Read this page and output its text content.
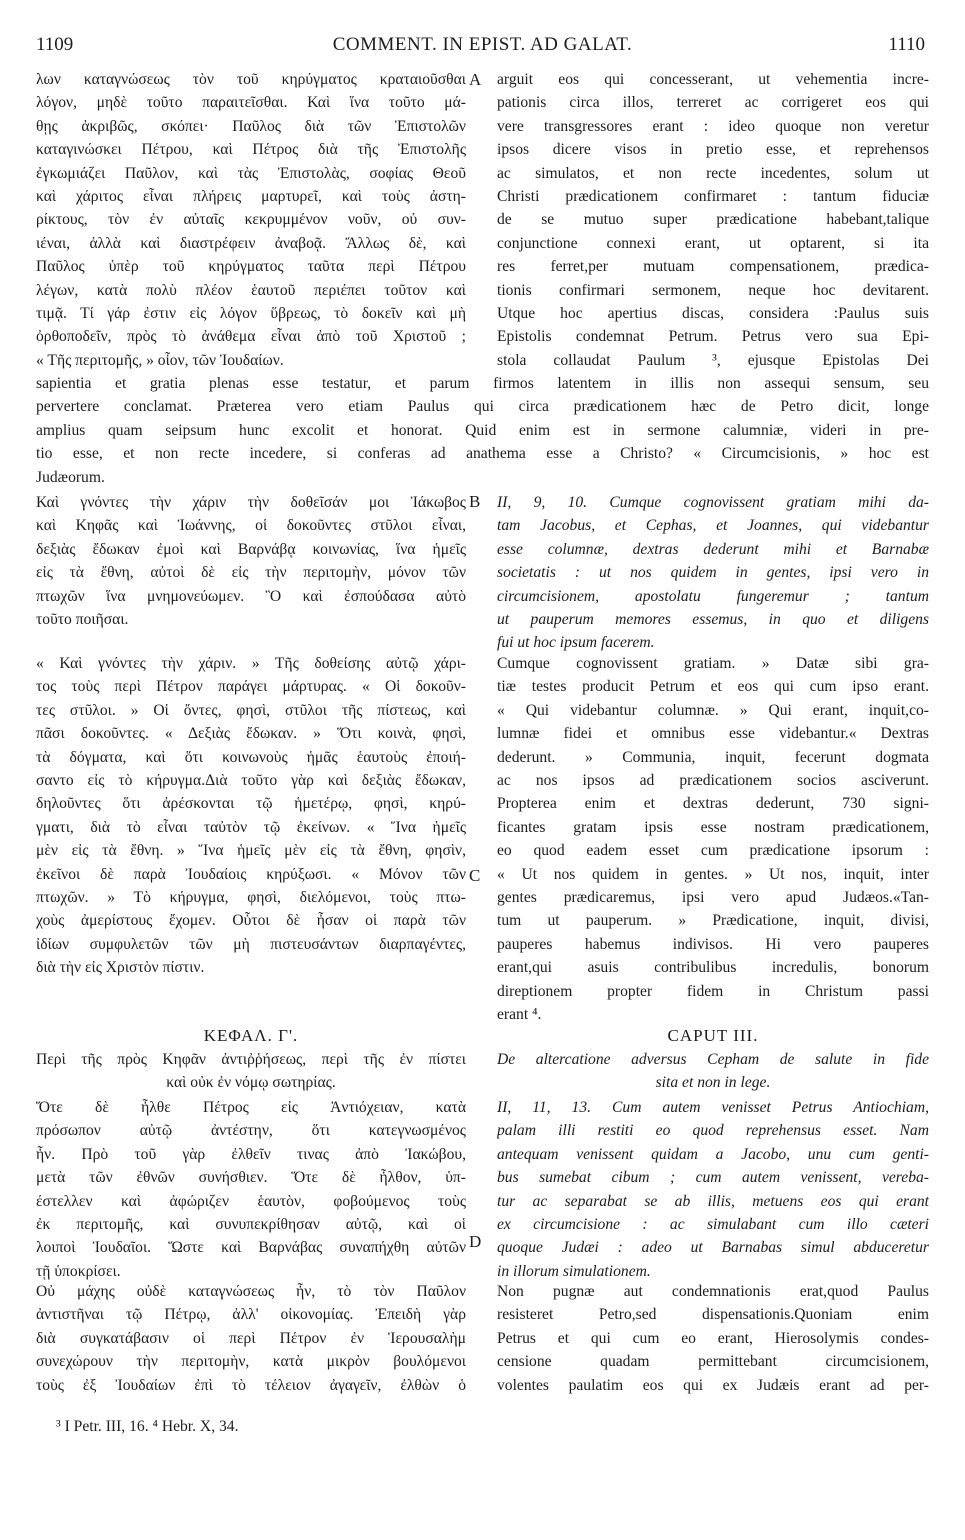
1109	COMMENT. IN EPIST. AD GALAT.	1110
A
B
C
D
λων καταγνώσεως τὸν τοῦ κηρύγματος κραταιοῦσθαι
λόγον, μηδὲ τοῦτο παραιτεῖσθαι. Καὶ ἵνα τοῦτο μά-
θῃς ἀκριβῶς, σκόπει· Παῦλος διὰ τῶν Ἐπιστολῶν
καταγινώσκει Πέτρου, καὶ Πέτρος διὰ τῆς Ἐπιστολῆς
ἐγκωμιάζει Παῦλον, καὶ τὰς Ἐπιστολὰς, σοφίας Θεοῦ
καὶ χάριτος εἶναι πλήρεις μαρτυρεῖ, καὶ τοὺς ἀστη-
ρίκτους, τὸν ἐν αὐταῖς κεκρυμμένον νοῦν, οὐ συν-
ιέναι, ἀλλὰ καὶ διαστρέφειν ἀναβοᾷ. Ἄλλως δὲ, καὶ
Παῦλος ὑπὲρ τοῦ κηρύγματος ταῦτα περὶ Πέτρου
λέγων, κατὰ πολὺ πλέον ἑαυτοῦ περιέπει τοῦτον καὶ
τιμᾷ. Τί γάρ ἐστιν εἰς λόγον ὕβρεως, τὸ δοκεῖν καὶ μὴ
ὀρθοποδεῖν, πρὸς τὸ ἀνάθεμα εἶναι ἀπὸ τοῦ Χριστοῦ ;
« Τῆς περιτομῆς, » οἷον, τῶν Ἰουδαίων.
arguit eos qui concesserant, ut vehementia incre-
pationis circa illos, terreret ac corrigeret eos qui
vere transgressores erant : ideo quoque non veretur
ipsos dicere visos in pretio esse, et reprehensos
ac simulatos, et non recte incedentes, solum ut
Christi prædicationem confirmaret : tantum fiduciæ
de se mutuo super prædicatione habebant,talique
conjunctione connexi erant, ut optarent, si ita
res ferret,per mutuam compensationem, prædica-
tionis confirmari sermonem, neque hoc devitarent.
Utque hoc apertius discas, considera :Paulus suis
Epistolis condemnat Petrum. Petrus vero sua Epi-
stola collaudat Paulum ³, ejusque Epistolas Dei
sapientia et gratia plenas esse testatur, et parum firmos latentem in illis non assequi sensum, seu
pervertere conclamat. Præterea vero etiam Paulus qui circa prædicationem hæc de Petro dicit, longe
amplius quam seipsum hunc excolit et honorat. Quid enim est in sermone calumniæ, videri in pre-
tio esse, et non recte incedere, si conferas ad anathema esse a Christo? « Circumcisionis, » hoc est
Judæorum.
Καὶ γνόντες τὴν χάριν τὴν δοθεῖσάν μοι Ἰάκωβος
καὶ Κηφᾶς καὶ Ἰωάννης, οἱ δοκοῦντες στῦλοι εἶναι,
δεξιὰς ἔδωκαν ἐμοὶ καὶ Βαρνάβᾳ κοινωνίας, ἵνα ἡμεῖς
εἰς τὰ ἔθνη, αὐτοὶ δὲ εἰς τὴν περιτομὴν, μόνον τῶν
πτωχῶν ἵνα μνημονεύωμεν. Ὃ καὶ ἐσπούδασα αὐτὸ
τοῦτο ποιῆσαι.
II, 9, 10. Cumque cognovissent gratiam mihi da-
tam Jacobus, et Cephas, et Joannes, qui videbantur
esse columnæ, dextras dederunt mihi et Barnabæ
societatis : ut nos quidem in gentes, ipsi vero in
circumcisionem, apostolatu fungeremur ; tantum
ut pauperum memores essemus, in quo et diligens
fui ut hoc ipsum facerem.
« Καὶ γνόντες τὴν χάριν. » Τῆς δοθείσης αὐτῷ χάρι-
τος τοὺς περὶ Πέτρον παράγει μάρτυρας. « Οἱ δοκοῦν-
τες στῦλοι. » Οἱ ὄντες, φησὶ, στῦλοι τῆς πίστεως, καὶ
πᾶσι δοκοῦντες. « Δεξιὰς ἔδωκαν. » Ὅτι κοινὰ, φησὶ,
τὰ δόγματα, καὶ ὅτι κοινωνοὺς ἡμᾶς ἑαυτοὺς ἐποιή-
σαντο εἰς τὸ κήρυγμα.Διὰ τοῦτο γὰρ καὶ δεξιὰς ἔδωκαν,
δηλοῦντες ὅτι ἀρέσκονται τῷ ἡμετέρῳ, φησὶ, κηρύ-
γματι, διὰ τὸ εἶναι ταὐτὸν τῷ ἐκείνων. « Ἵνα ἡμεῖς
μὲν εἰς τὰ ἔθνη. » Ἵνα ἡμεῖς μὲν εἰς τὰ ἔθνη, φησὶν,
ἐκεῖνοι δὲ παρὰ Ἰουδαίοις κηρύξωσι. « Μόνον τῶν
πτωχῶν. » Τὸ κήρυγμα, φησὶ, διελόμενοι, τοὺς πτω-
χοὺς ἀμερίστους ἔχομεν. Οὗτοι δὲ ἦσαν οἱ παρὰ τῶν
ἰδίων συμφυλετῶν τῶν μὴ πιστευσάντων διαρπαγέντες,
διὰ τὴν εἰς Χριστὸν πίστιν.
Cumque cognovissent gratiam. » Datæ sibi gra-
tiæ testes producit Petrum et eos qui cum ipso erant.
« Qui videbantur columnæ. » Qui erant, inquit,co-
lumnæ fidei et omnibus esse videbantur.« Dextras
dederunt. » Communia, inquit, fecerunt dogmata
ac nos ipsos ad prædicationem socios asciverunt.
Propterea enim et dextras dederunt, 730 signi-
ficantes gratam ipsis esse nostram prædicationem,
eo quod eadem esset cum prædicatione ipsorum :
« Ut nos quidem in gentes. » Ut nos, inquit, inter
gentes prædicaremus, ipsi vero apud Judæos.«Tan-
tum ut pauperum. » Prædicatione, inquit, divisi,
pauperes habemus indivisos. Hi vero pauperes
erant,qui asuis contribulibus incredulis, bonorum
direptionem propter fidem in Christum passi
erant ⁴.
ΚΕΦΑΛ. Γ'.	CAPUT III.
Περὶ τῆς πρὸς Κηφᾶν ἀντιῤῥήσεως, περὶ τῆς ἐν πίστει
καὶ οὐκ ἐν νόμῳ σωτηρίας.
De altercatione adversus Cepham de salute in fide
sita et non in lege.
Ὅτε δὲ ἦλθε Πέτρος εἰς Ἀντιόχειαν, κατὰ
πρόσωπον αὐτῷ ἀντέστην, ὅτι κατεγνωσμένος
ἦν. Πρὸ τοῦ γὰρ ἐλθεῖν τινας ἀπὸ Ἰακώβου,
μετὰ τῶν ἐθνῶν συνήσθιεν. Ὅτε δὲ ἦλθον, ὑπ-
έστελλεν καὶ ἀφώριζεν ἑαυτὸν, φοβούμενος τοὺς
ἐκ περιτομῆς, καὶ συνυπεκρίθησαν αὐτῷ, καὶ οἱ
λοιποὶ Ἰουδαῖοι. Ὥστε καὶ Βαρνάβας συναπήχθη αὐτῶν
τῇ ὑποκρίσει.
II, 11, 13. Cum autem venisset Petrus Antiochiam,
palam illi restiti eo quod reprehensus esset. Nam
antequam venissent quidam a Jacobo, unu cum genti-
bus sumebat cibum ; cum autem venissent, vereba-
tur ac separabat se ab illis, metuens eos qui erant
ex circumcisione : ac simulabant cum illo cæteri
quoque Judæi : adeo ut Barnabas simul abduceretur
in illorum simulationem.
Οὐ μάχης οὐδὲ καταγνώσεως ἦν, τὸ τὸν Παῦλον
ἀντιστῆναι τῷ Πέτρῳ, ἀλλ' οἰκονομίας. Ἐπειδὴ γὰρ
διὰ συγκατάβασιν οἱ περὶ Πέτρον ἐν Ἱερουσαλὴμ
συνεχώρουν τὴν περιτομὴν, κατὰ μικρὸν βουλόμενοι
τοὺς ἐξ Ἰουδαίων ἐπὶ τὸ τέλειον ἀγαγεῖν, ἐλθὼν ὁ
Non pugnæ aut condemnationis erat,quod Paulus
resisteret Petro,sed dispensationis.Quoniam enim
Petrus et qui cum eo erant, Hierosolymis condes-
censione quadam permittebant circumcisionem,
volentes paulatim eos qui ex Judæis erant ad per-
³ I Petr. III, 16. ⁴ Hebr. X, 34.
